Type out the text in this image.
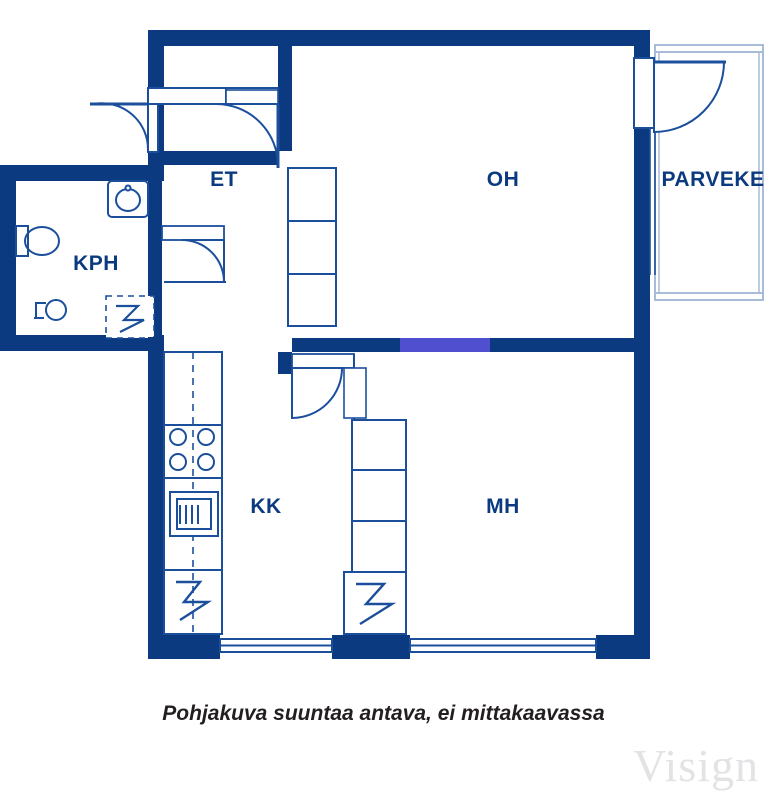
ET	OH	PARVEKE
KPH
KK	MH
Pohjakuva suuntaa antava, ei mittakaavassa
Visign
